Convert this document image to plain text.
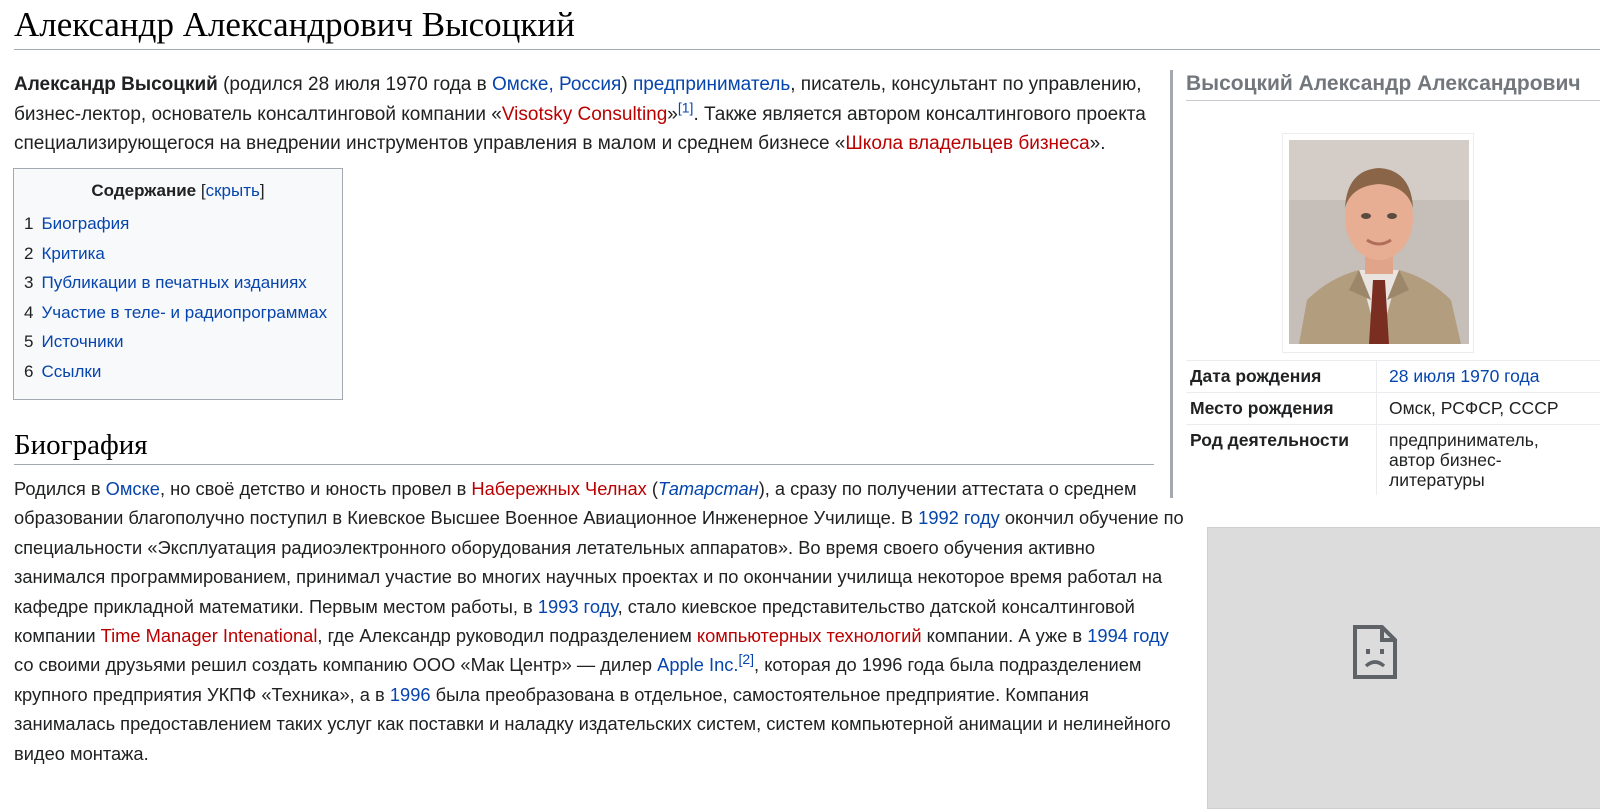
Александр Александрович Высоцкий

Александр Высоцкий (родился 28 июля 1970 года в Омске, Россия) предприниматель, писатель, консультант по управлению, бизнес-лектор, основатель консалтинговой компании «Visotsky Consulting»[1]. Также является автором консалтингового проекта специализирующегося на внедрении инструментов управления в малом и среднем бизнесе «Школа владельцев бизнеса».

Содержание [скрыть]
1 Биография
2 Критика
3 Публикации в печатных изданиях
4 Участие в теле- и радиопрограммах
5 Источники
6 Ссылки
Биография

Родился в Омске, но своё детство и юность провел в Набережных Челнах (Татарстан), а сразу по получении аттестата о среднем образовании благополучно поступил в Киевское Высшее Военное Авиационное Инженерное Училище. В 1992 году окончил обучение по специальности «Эксплуатация радиоэлектронного оборудования летательных аппаратов». Во время своего обучения активно занимался программированием, принимал участие во многих научных проектах и по окончании училища некоторое время работал на кафедре прикладной математики. Первым местом работы, в 1993 году, стало киевское представительство датской консалтинговой компании Time Manager Intenational, где Александр руководил подразделением компьютерных технологий компании. А уже в 1994 году со своими друзьями решил создать компанию ООО «Мак Центр» — дилер Apple Inc.[2], которая до 1996 года была подразделением крупного предприятия УКПФ «Техника», а в 1996 была преобразована в отдельное, самостоятельное предприятие. Компания занималась предоставлением таких услуг как поставки и наладку издательских систем, систем компьютерной анимации и нелинейного видео монтажа.

Высоцкий Александр Александрович
Дата рождения	28 июля 1970 года
Место рождения	Омск, РСФСР, СССР
Род деятельности	предприниматель, автор бизнес-литературы
